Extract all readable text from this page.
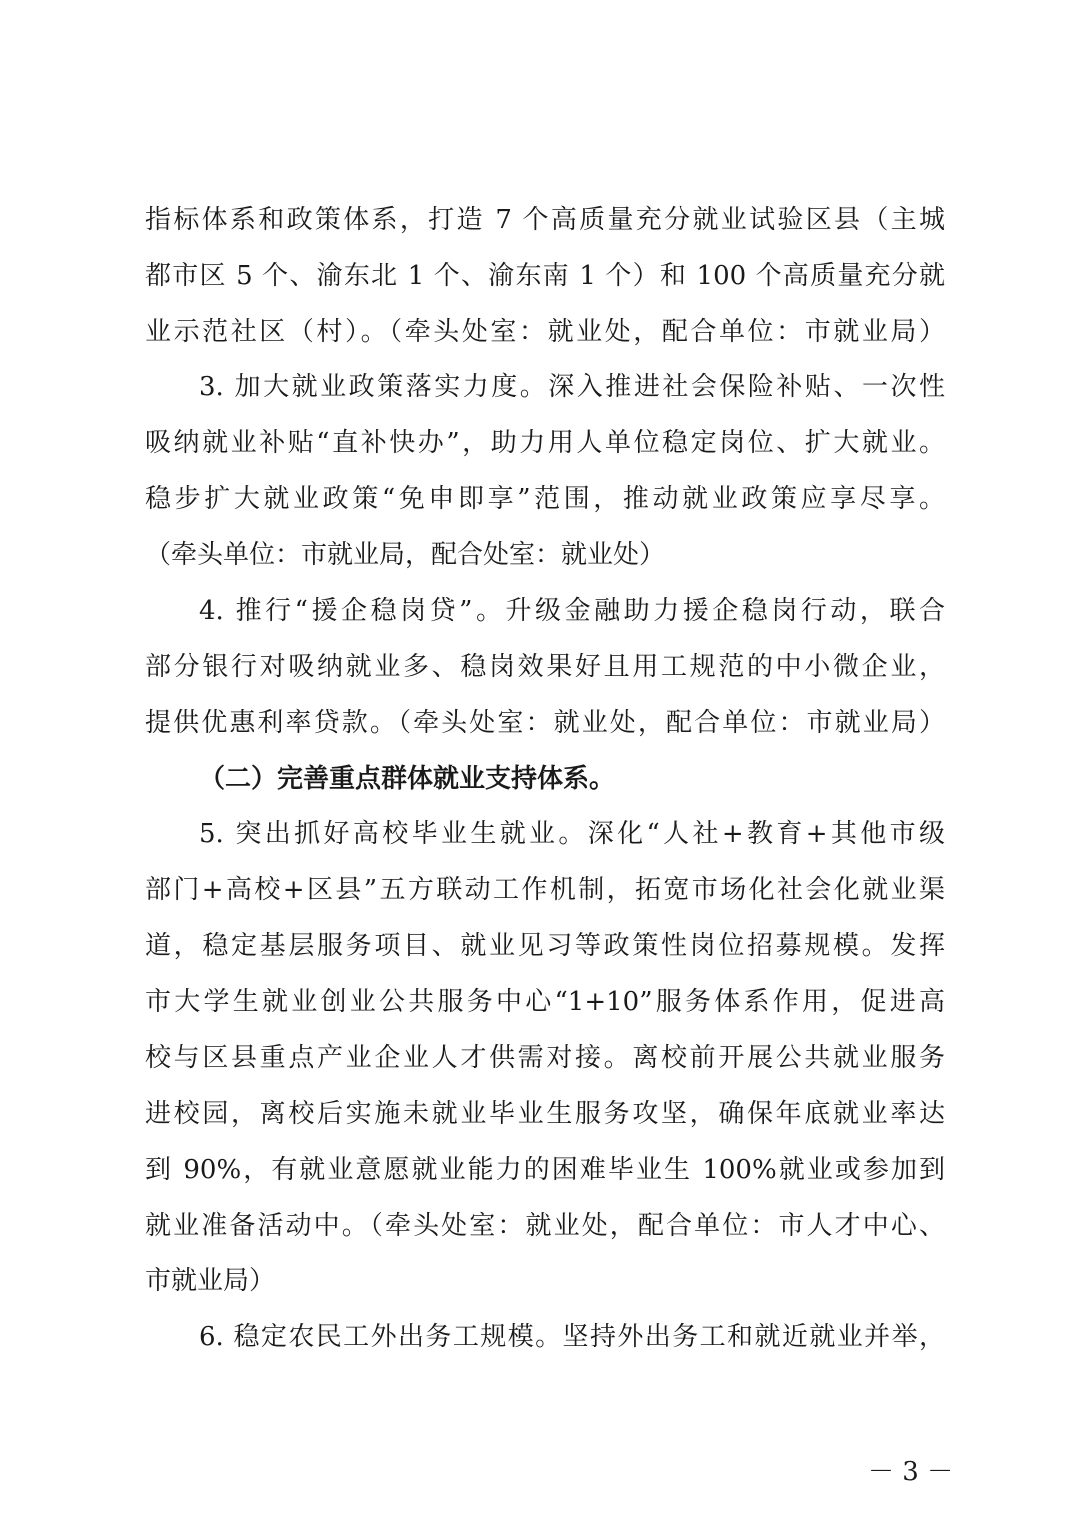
指标体系和政策体系，打造 7 个高质量充分就业试验区县（主城
都市区 5 个、渝东北 1 个、渝东南 1 个）和 100 个高质量充分就
业示范社区（村）。（牵头处室：就业处，配合单位：市就业局）
3. 加大就业政策落实力度。深入推进社会保险补贴、一次性
吸纳就业补贴“直补快办”，助力用人单位稳定岗位、扩大就业。
稳步扩大就业政策“免申即享”范围，推动就业政策应享尽享。
（牵头单位：市就业局，配合处室：就业处）
4. 推行“援企稳岗贷”。升级金融助力援企稳岗行动，联合
部分银行对吸纳就业多、稳岗效果好且用工规范的中小微企业，
提供优惠利率贷款。（牵头处室：就业处，配合单位：市就业局）
（二）完善重点群体就业支持体系。
5. 突出抓好高校毕业生就业。深化“人社+教育+其他市级
部门+高校+区县”五方联动工作机制，拓宽市场化社会化就业渠
道，稳定基层服务项目、就业见习等政策性岗位招募规模。发挥
市大学生就业创业公共服务中心“1+10”服务体系作用，促进高
校与区县重点产业企业人才供需对接。离校前开展公共就业服务
进校园，离校后实施未就业毕业生服务攻坚，确保年底就业率达
到 90%，有就业意愿就业能力的困难毕业生 100%就业或参加到
就业准备活动中。（牵头处室：就业处，配合单位：市人才中心、
市就业局）
6. 稳定农民工外出务工规模。坚持外出务工和就近就业并举，
－ 3 －
